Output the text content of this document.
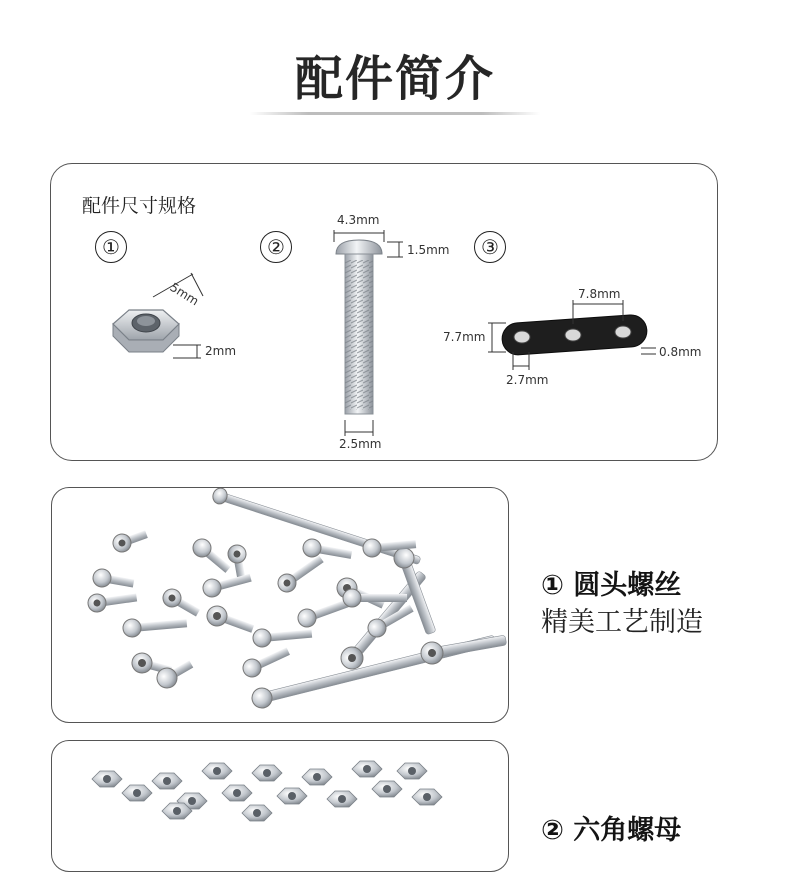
配件简介
配件尺寸规格
①	②	③
5mm
2mm
4.3mm
1.5mm
2.5mm
7.8mm
7.7mm
0.8mm
2.7mm
① 圆头螺丝
精美工艺制造
② 六角螺母
